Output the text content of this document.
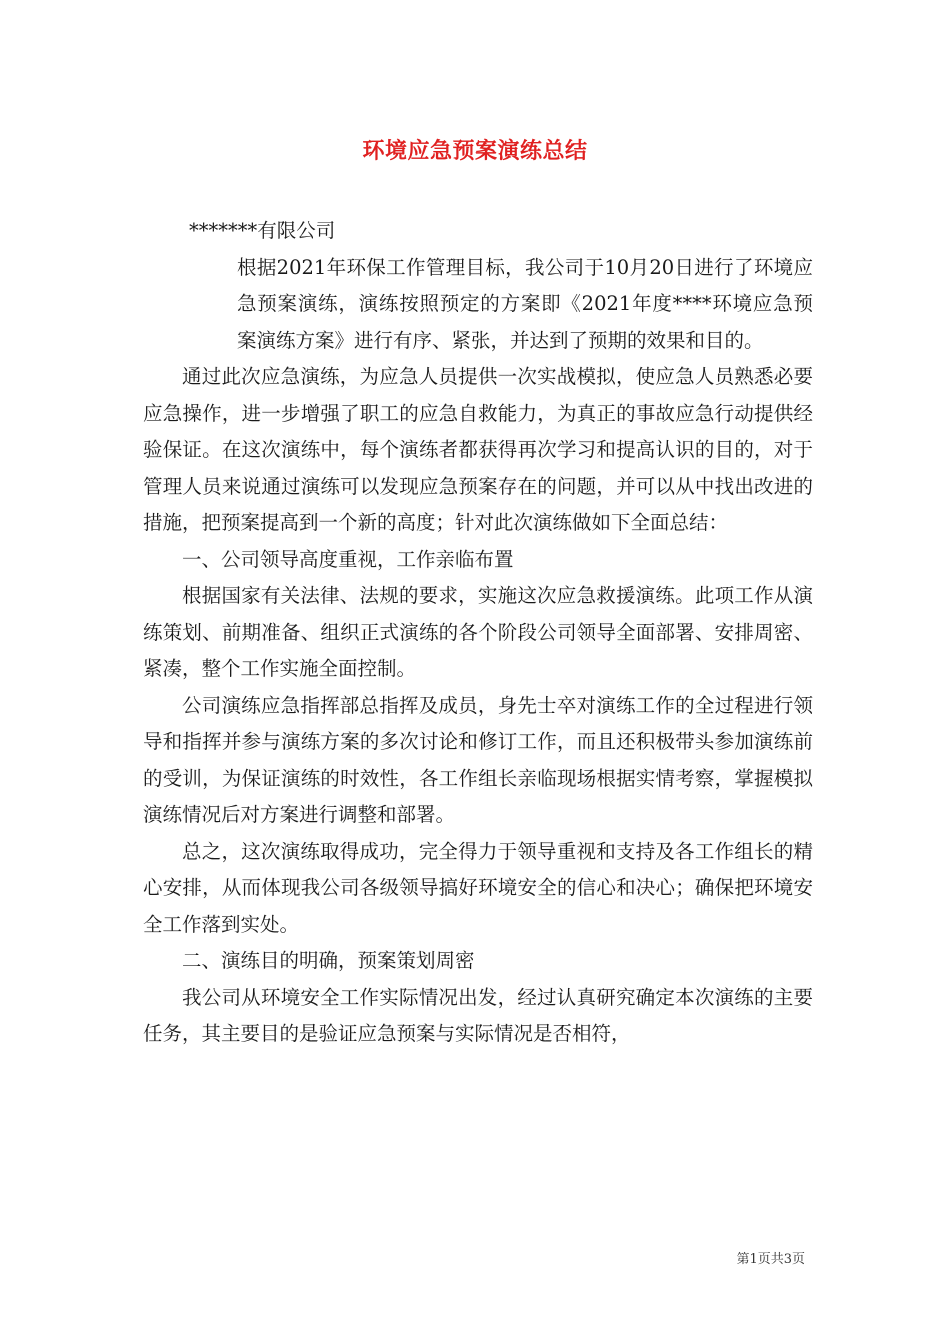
环境应急预案演练总结

*******有限公司

根据2021年环保工作管理目标，我公司于10月20日进行了环境应急预案演练，演练按照预定的方案即《2021年度****环境应急预案演练方案》进行有序、紧张，并达到了预期的效果和目的。

通过此次应急演练，为应急人员提供一次实战模拟，使应急人员熟悉必要应急操作，进一步增强了职工的应急自救能力，为真正的事故应急行动提供经验保证。在这次演练中，每个演练者都获得再次学习和提高认识的目的，对于管理人员来说通过演练可以发现应急预案存在的问题，并可以从中找出改进的措施，把预案提高到一个新的高度；针对此次演练做如下全面总结：

一、公司领导高度重视，工作亲临布置

根据国家有关法律、法规的要求，实施这次应急救援演练。此项工作从演练策划、前期准备、组织正式演练的各个阶段公司领导全面部署、安排周密、紧凑，整个工作实施全面控制。

公司演练应急指挥部总指挥及成员，身先士卒对演练工作的全过程进行领导和指挥并参与演练方案的多次讨论和修订工作，而且还积极带头参加演练前的受训，为保证演练的时效性，各工作组长亲临现场根据实情考察，掌握模拟演练情况后对方案进行调整和部署。

总之，这次演练取得成功，完全得力于领导重视和支持及各工作组长的精心安排，从而体现我公司各级领导搞好环境安全的信心和决心；确保把环境安全工作落到实处。

二、演练目的明确，预案策划周密

我公司从环境安全工作实际情况出发，经过认真研究确定本次演练的主要任务，其主要目的是验证应急预案与实际情况是否相符，

第1页共3页
